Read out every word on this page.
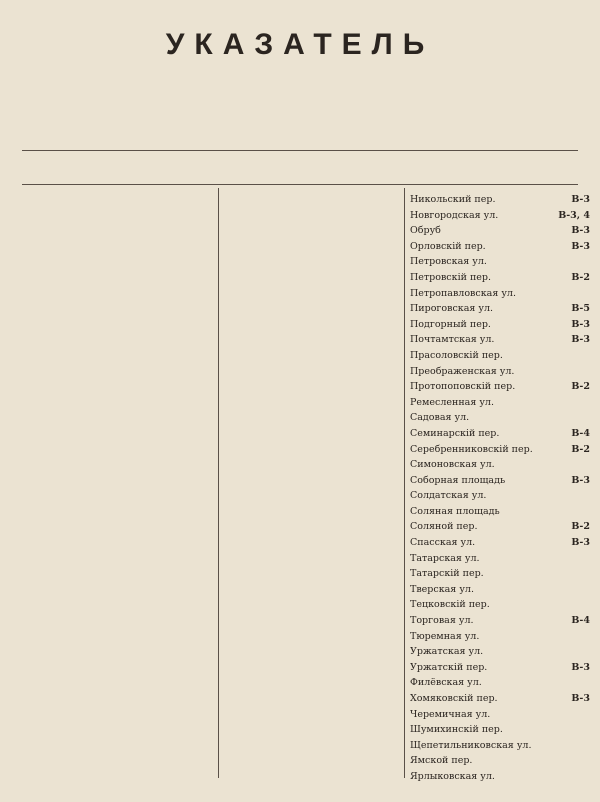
УКАЗАТЕЛЬ
Никольский пер.	В-3
Новгородская ул.	В-3, 4
Обруб	В-3
Орловскій пер.	В-3
Петровская ул.
Петровскій пер.	В-2
Петропавловская ул.
Пироговская ул.	В-5
Подгорный пер.	В-3
Почтамтская ул.	В-3
Прасоловскій пер.
Преображенская ул.
Протопоповскій пер.	В-2
Ремесленная ул.
Садовая ул.
Семинарскій пер.	В-4
Серебренниковскій пер.	В-2
Симоновская ул.
Соборная площадь	В-3
Солдатская ул.
Соляная площадь
Соляной пер.	В-2
Спасская ул.	В-3
Татарская ул.
Татарскій пер.
Тверская ул.
Тецковскій пер.
Торговая ул.	В-4
Тюремная ул.
Уржатская ул.
Уржатскій пер.	В-3
Филёвская ул.
Хомяковскій пер.	В-3
Черемичная ул.
Шумихинскій пер.
Щепетильниковская ул.
Ямской пер.
Ярлыковская ул.
